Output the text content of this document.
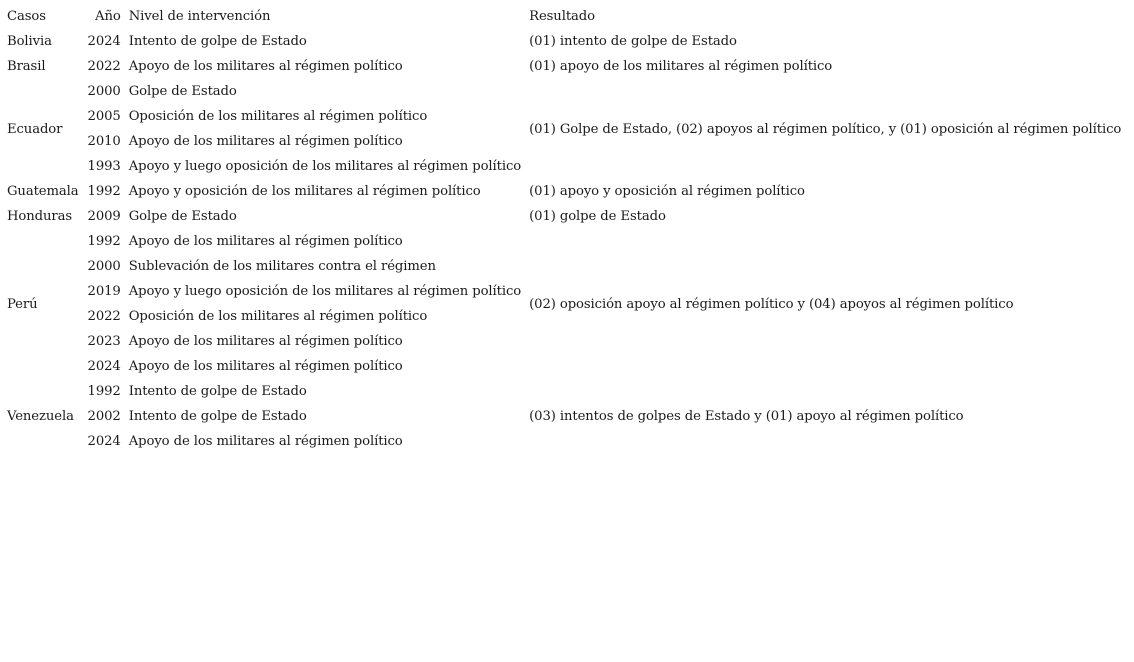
Casos	Año	Nivel de intervención	Resultado
Bolivia	2024	Intento de golpe de Estado	(01) intento de golpe de Estado
Brasil	2022	Apoyo de los militares al régimen político	(01) apoyo de los militares al régimen político
Ecuador	2000	Golpe de Estado	(01) Golpe de Estado, (02) apoyos al régimen político, y (01) oposición al régimen político
	2005	Oposición de los militares al régimen político	
	2010	Apoyo de los militares al régimen político	
	1993	Apoyo y luego oposición de los militares al régimen político	
Guatemala	1992	Apoyo y oposición de los militares al régimen político	(01) apoyo y oposición al régimen político
Honduras	2009	Golpe de Estado	(01) golpe de Estado
Perú	1992	Apoyo de los militares al régimen político	(02) oposición apoyo al régimen político y (04) apoyos al régimen político
	2000	Sublevación de los militares contra el régimen	
	2019	Apoyo y luego oposición de los militares al régimen político	
	2022	Oposición de los militares al régimen político	
	2023	Apoyo de los militares al régimen político	
	2024	Apoyo de los militares al régimen político	
Venezuela	1992	Intento de golpe de Estado	(03) intentos de golpes de Estado y (01) apoyo al régimen político
	2002	Intento de golpe de Estado	
	2024	Apoyo de los militares al régimen político	
